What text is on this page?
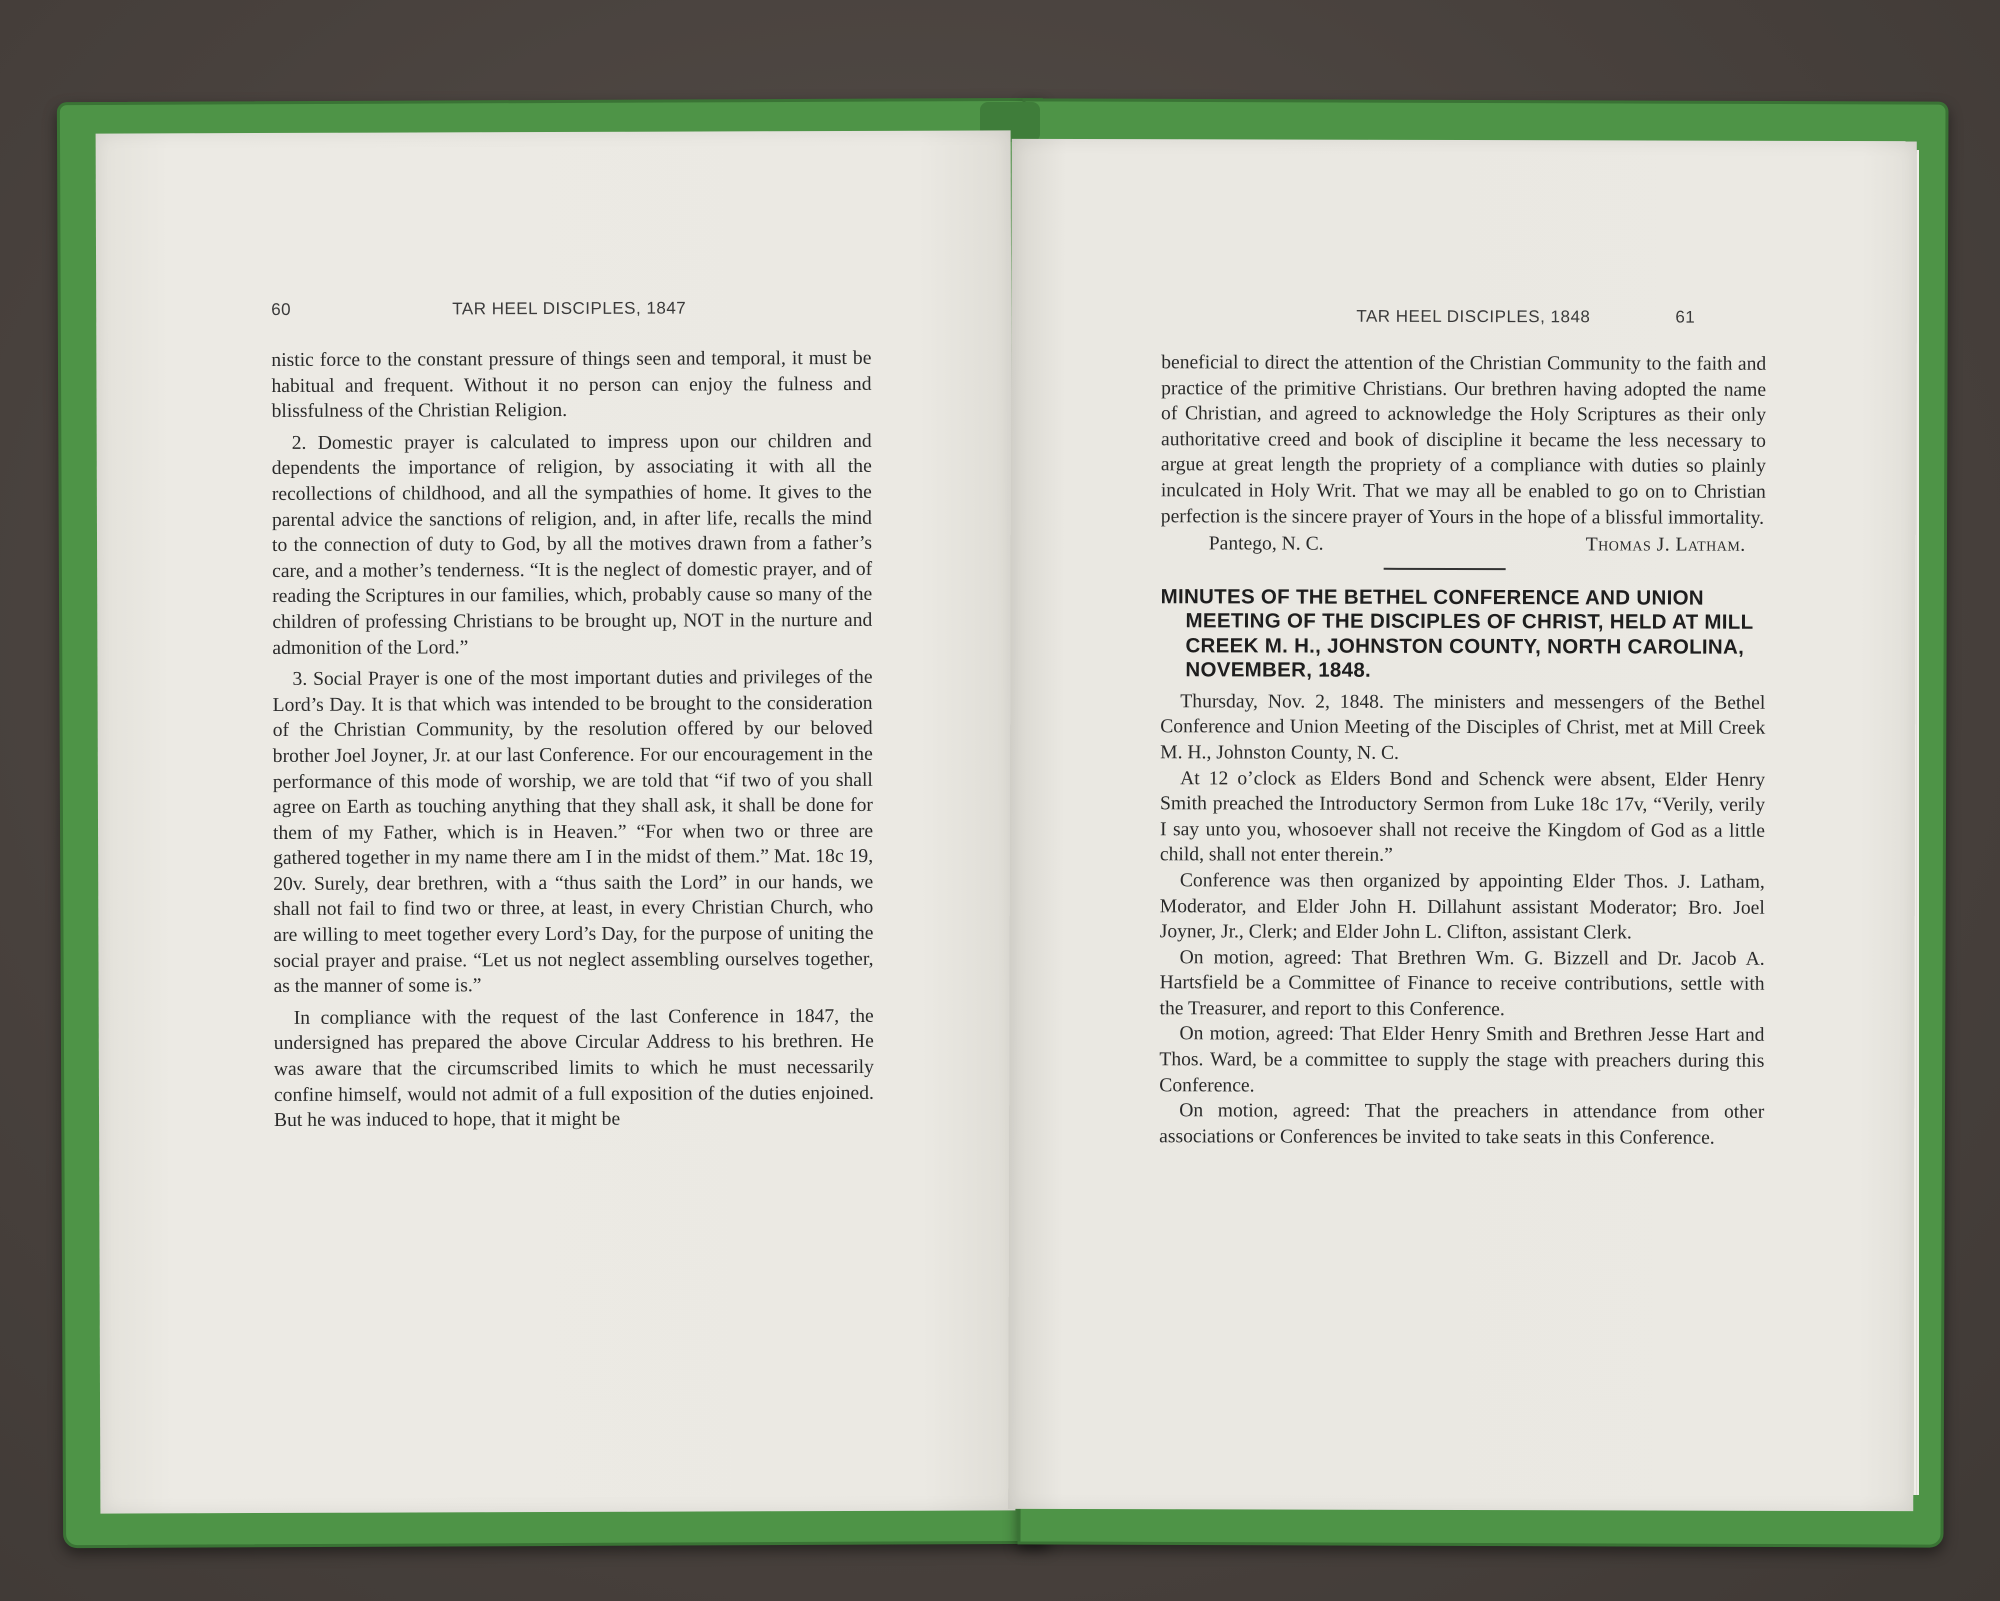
60	TAR HEEL DISCIPLES, 1847

nistic force to the constant pressure of things seen and temporal, it must be habitual and frequent. Without it no person can enjoy the fulness and blissfulness of the Christian Religion.

2. Domestic prayer is calculated to impress upon our children and dependents the importance of religion, by associating it with all the recollections of childhood, and all the sympathies of home. It gives to the parental advice the sanctions of religion, and, in after life, recalls the mind to the connection of duty to God, by all the motives drawn from a father’s care, and a mother’s tenderness. “It is the neglect of domestic prayer, and of reading the Scriptures in our families, which, probably cause so many of the children of professing Christians to be brought up, NOT in the nurture and admonition of the Lord.”

3. Social Prayer is one of the most important duties and privileges of the Lord’s Day. It is that which was intended to be brought to the consideration of the Christian Community, by the resolution offered by our beloved brother Joel Joyner, Jr. at our last Conference. For our encouragement in the performance of this mode of worship, we are told that “if two of you shall agree on Earth as touching anything that they shall ask, it shall be done for them of my Father, which is in Heaven.” “For when two or three are gathered together in my name there am I in the midst of them.” Mat. 18c 19, 20v. Surely, dear brethren, with a “thus saith the Lord” in our hands, we shall not fail to find two or three, at least, in every Christian Church, who are willing to meet together every Lord’s Day, for the purpose of uniting the social prayer and praise. “Let us not neglect assembling ourselves together, as the manner of some is.”

In compliance with the request of the last Conference in 1847, the undersigned has prepared the above Circular Address to his brethren. He was aware that the circumscribed limits to which he must necessarily confine himself, would not admit of a full exposition of the duties enjoined. But he was induced to hope, that it might be

TAR HEEL DISCIPLES, 1848	61

beneficial to direct the attention of the Christian Community to the faith and practice of the primitive Christians. Our brethren having adopted the name of Christian, and agreed to acknowledge the Holy Scriptures as their only authoritative creed and book of discipline it became the less necessary to argue at great length the propriety of a compliance with duties so plainly inculcated in Holy Writ. That we may all be enabled to go on to Christian perfection is the sincere prayer of Yours in the hope of a blissful immortality.

Pantego, N. C.	Thomas J. Latham.
MINUTES OF THE BETHEL CONFERENCE AND UNION MEETING OF THE DISCIPLES OF CHRIST, HELD AT MILL CREEK M. H., JOHNSTON COUNTY, NORTH CAROLINA, NOVEMBER, 1848.

Thursday, Nov. 2, 1848. The ministers and messengers of the Bethel Conference and Union Meeting of the Disciples of Christ, met at Mill Creek M. H., Johnston County, N. C.

At 12 o’clock as Elders Bond and Schenck were absent, Elder Henry Smith preached the Introductory Sermon from Luke 18c 17v, “Verily, verily I say unto you, whosoever shall not receive the Kingdom of God as a little child, shall not enter therein.”

Conference was then organized by appointing Elder Thos. J. Latham, Moderator, and Elder John H. Dillahunt assistant Moderator; Bro. Joel Joyner, Jr., Clerk; and Elder John L. Clifton, assistant Clerk.

On motion, agreed: That Brethren Wm. G. Bizzell and Dr. Jacob A. Hartsfield be a Committee of Finance to receive contributions, settle with the Treasurer, and report to this Conference.

On motion, agreed: That Elder Henry Smith and Brethren Jesse Hart and Thos. Ward, be a committee to supply the stage with preachers during this Conference.

On motion, agreed: That the preachers in attendance from other associations or Conferences be invited to take seats in this Conference.
